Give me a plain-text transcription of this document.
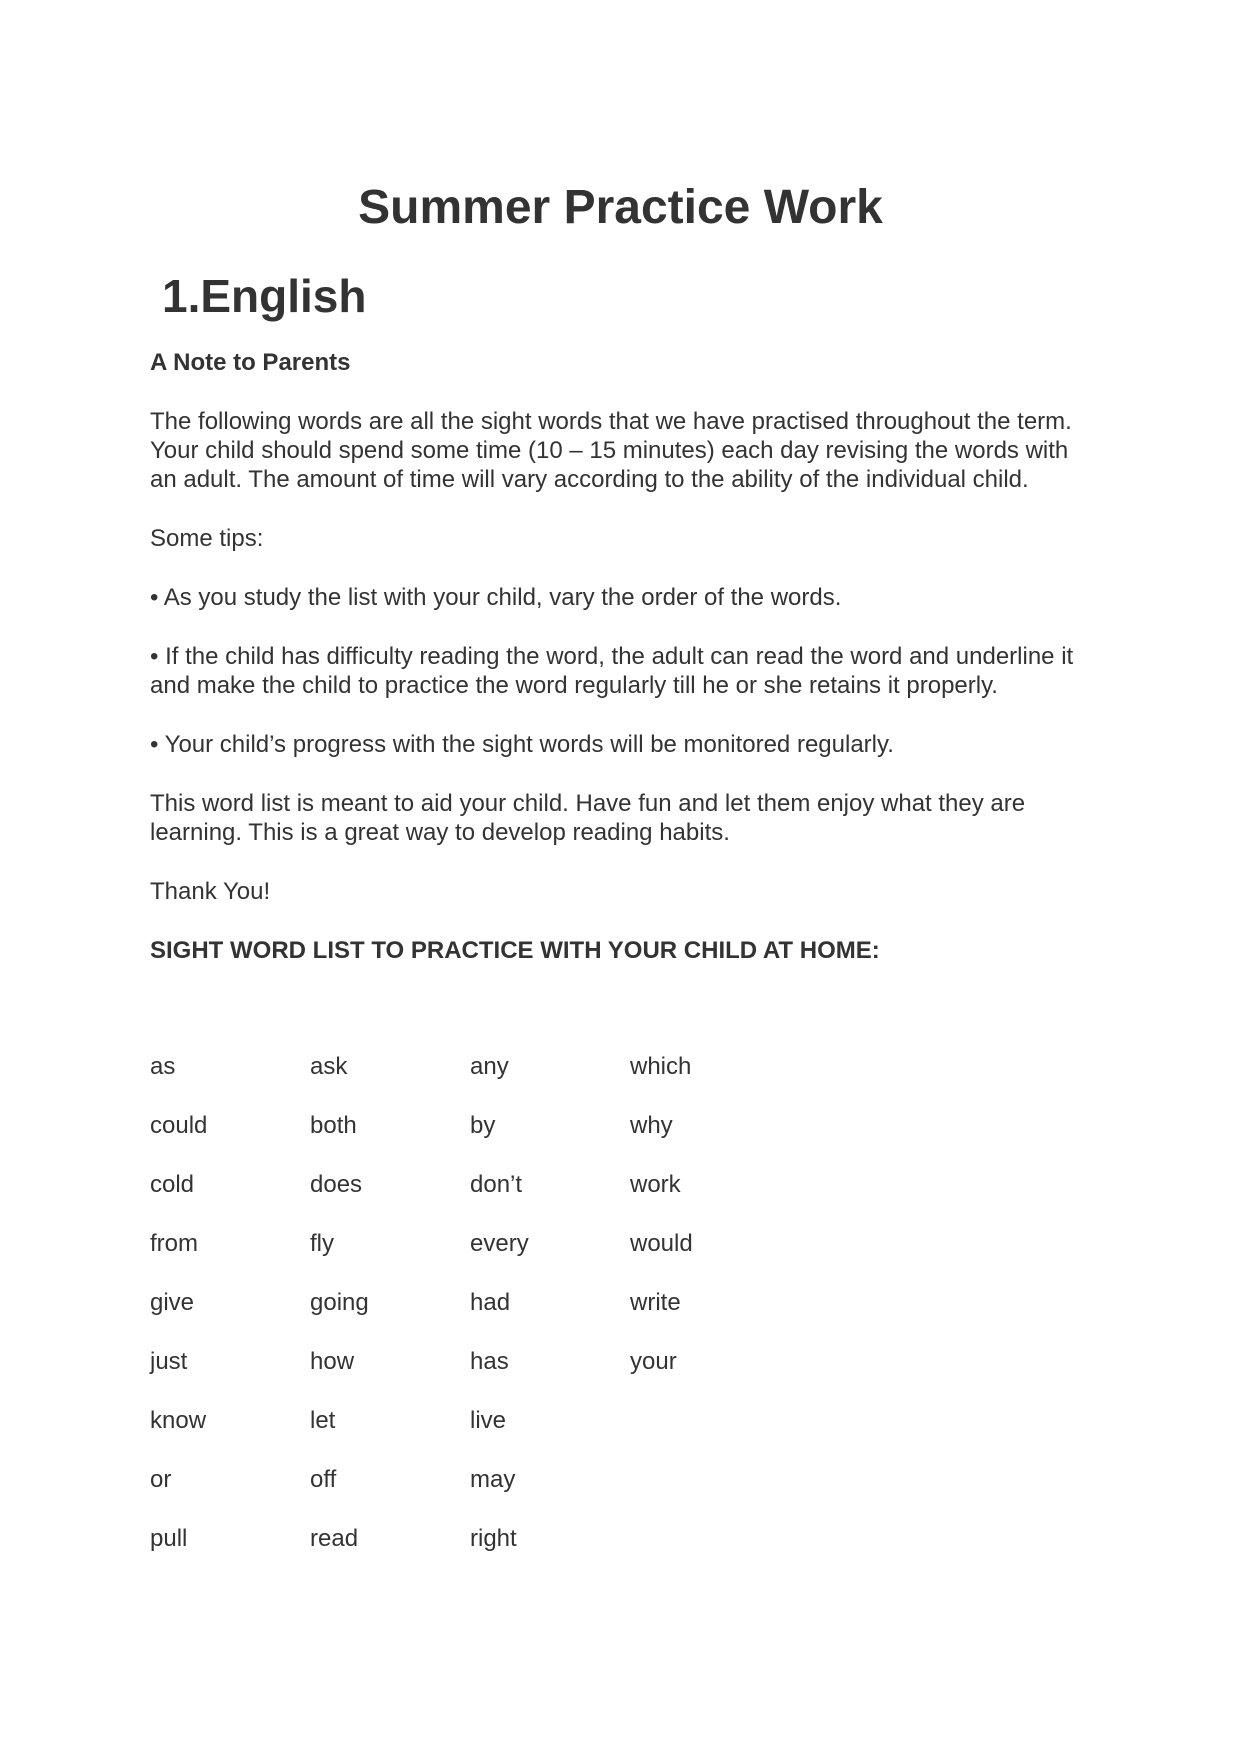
Summer Practice Work
1.English

A Note to Parents

The following words are all the sight words that we have practised throughout the term. Your child should spend some time (10 – 15 minutes) each day revising the words with an adult. The amount of time will vary according to the ability of the individual child.

Some tips:

• As you study the list with your child, vary the order of the words.

• If the child has difficulty reading the word, the adult can read the word and underline it and make the child to practice the word regularly till he or she retains it properly.

• Your child’s progress with the sight words will be monitored regularly.

This word list is meant to aid your child. Have fun and let them enjoy what they are learning. This is a great way to develop reading habits.

Thank You!

SIGHT WORD LIST TO PRACTICE WITH YOUR CHILD AT HOME:

as	ask	any	which
could	both	by	why
cold	does	don’t	work
from	fly	every	would
give	going	had	write
just	how	has	your
know	let	live
or	off	may
pull	read	right
